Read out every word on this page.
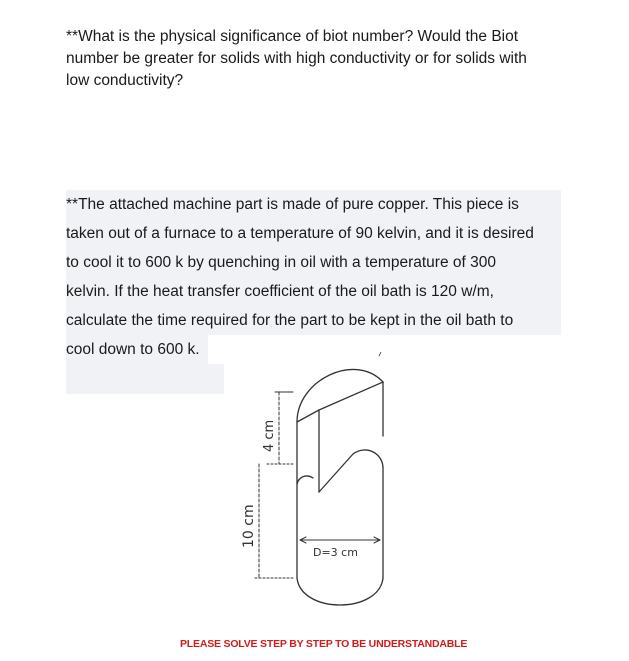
**What is the physical significance of biot number? Would the Biot
number be greater for solids with high conductivity or for solids with
low conductivity?

**The attached machine part is made of pure copper. This piece is
taken out of a furnace to a temperature of 90 kelvin, and it is desired
to cool it to 600 k by quenching in oil with a temperature of 300
kelvin. If the heat transfer coefficient of the oil bath is 120 w/m,
calculate the time required for the part to be kept in the oil bath to
cool down to 600 k.
4 cm
10 cm
D=3 cm

PLEASE SOLVE STEP BY STEP TO BE UNDERSTANDABLE
